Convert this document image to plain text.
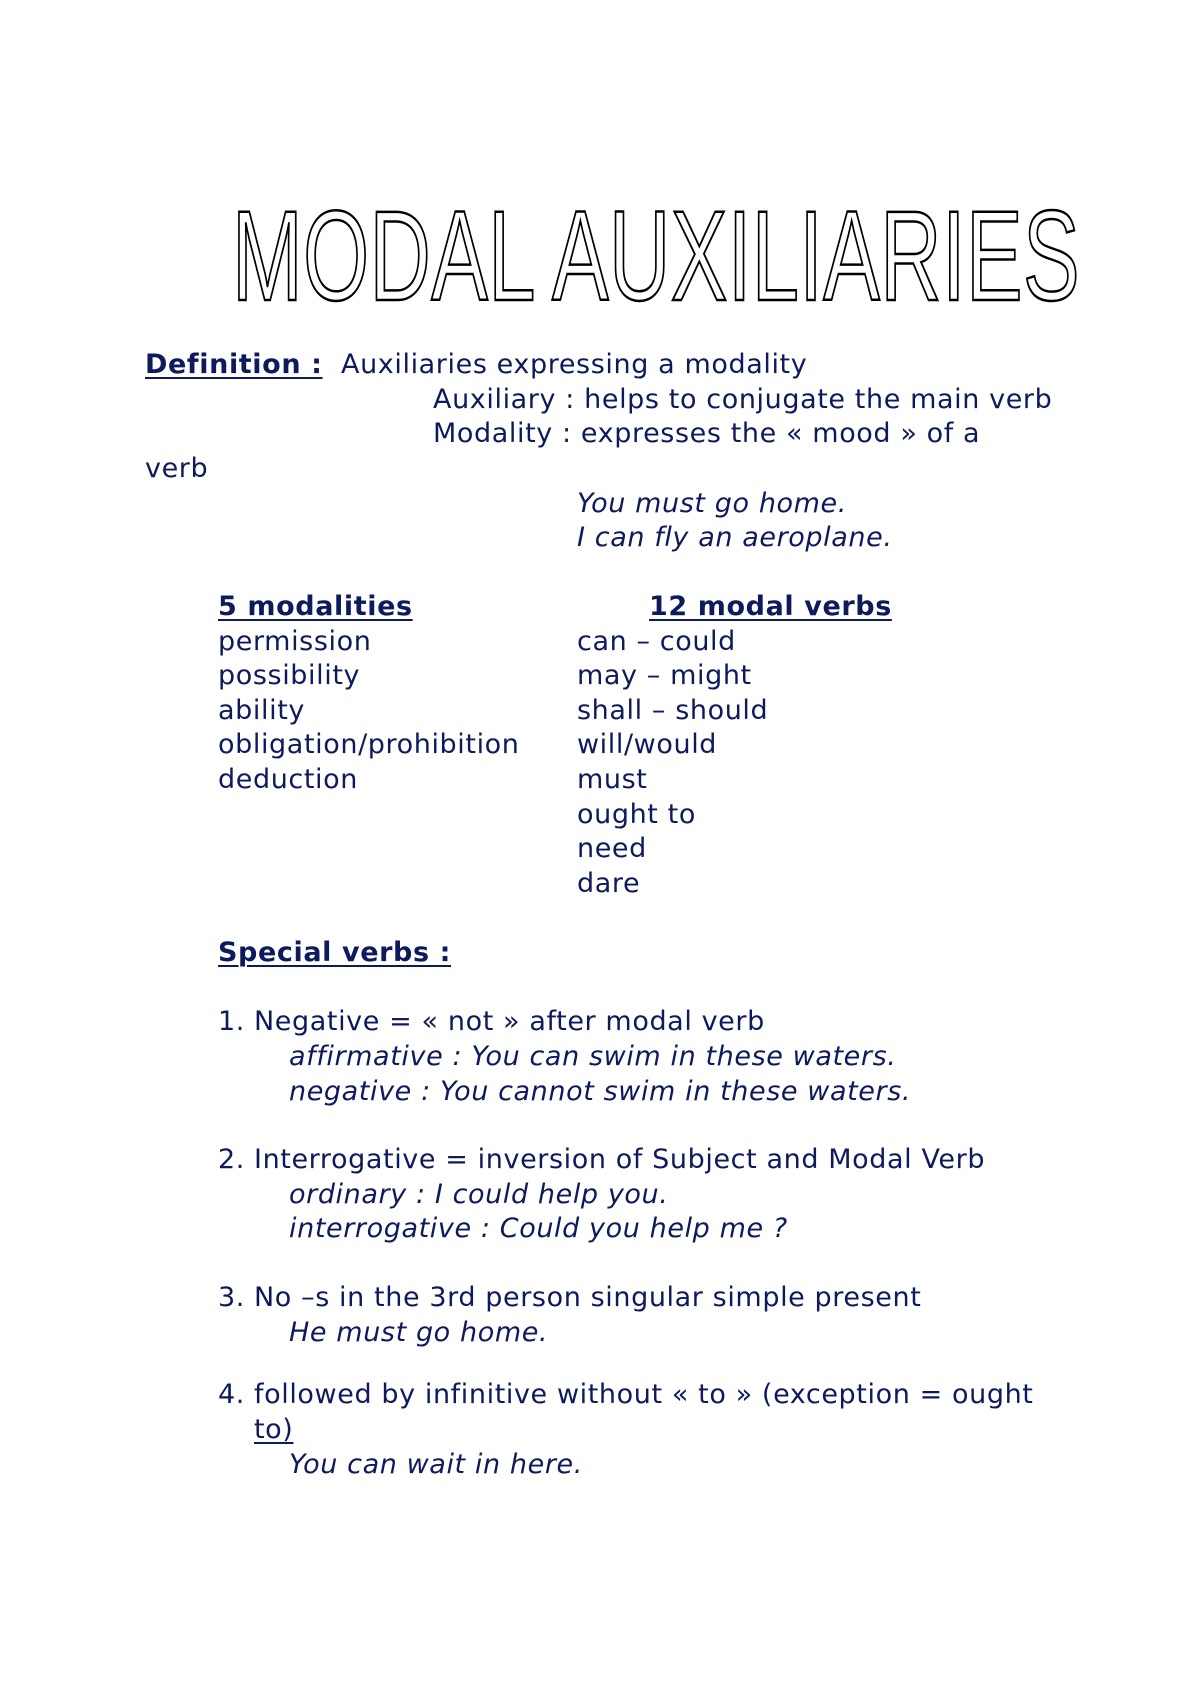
MODAL AUXILIARIES
Definition : Auxiliaries expressing a modality
Auxiliary : helps to conjugate the main verb
Modality : expresses the « mood » of a
verb
You must go home.
I can fly an aeroplane.
5 modalities	12 modal verbs
permission
possibility
ability
obligation/prohibition
deduction
can – could
may – might
shall – should
will/would
must
ought to
need
dare
Special verbs :
1. Negative = « not » after modal verb
affirmative : You can swim in these waters.
negative : You cannot swim in these waters.
2. Interrogative = inversion of Subject and Modal Verb
ordinary : I could help you.
interrogative : Could you help me ?
3. No –s in the 3rd person singular simple present
He must go home.
4. followed by infinitive without « to » (exception = ought
to)
You can wait in here.
